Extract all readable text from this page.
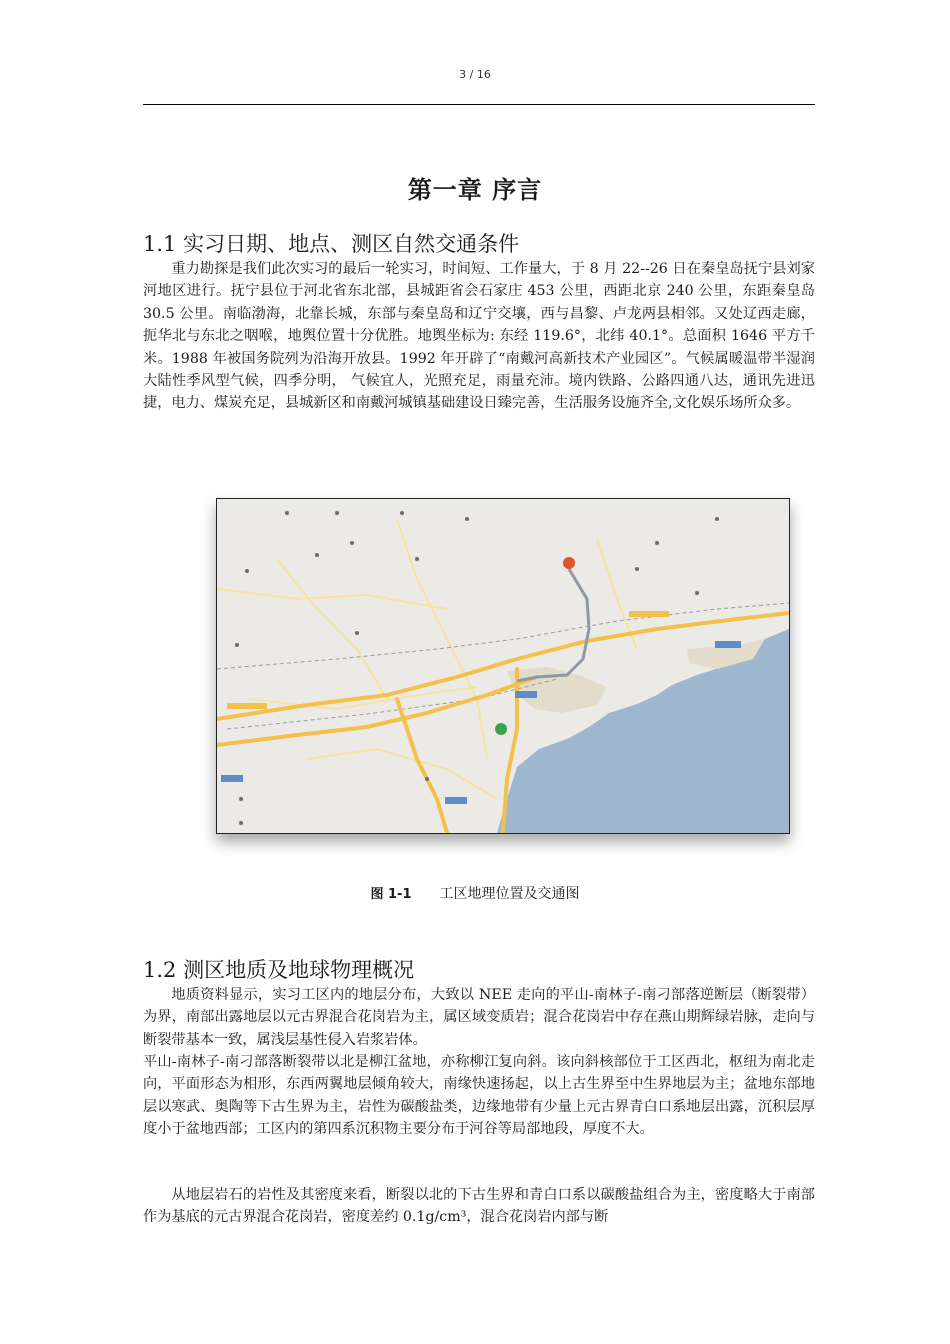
3 / 16
第一章 序言
1.1 实习日期、地点、测区自然交通条件

重力勘探是我们此次实习的最后一轮实习，时间短、工作量大，于 8 月 22--26 日在秦皇岛抚宁县刘家河地区进行。抚宁县位于河北省东北部，县城距省会石家庄 453 公里，西距北京 240 公里，东距秦皇岛 30.5 公里。南临渤海，北靠长城，东部与秦皇岛和辽宁交壤，西与昌黎、卢龙两县相邻。又处辽西走廊，扼华北与东北之咽喉，地舆位置十分优胜。地舆坐标为: 东经 119.6°，北纬 40.1°。总面积 1646 平方千米。1988 年被国务院列为沿海开放县。1992 年开辟了“南戴河高新技术产业园区”。气候属暖温带半湿润大陆性季风型气候，四季分明， 气候宜人，光照充足，雨量充沛。境内铁路、公路四通八达，通讯先进迅捷，电力、煤炭充足，县城新区和南戴河城镇基础建设日臻完善，生活服务设施齐全,文化娱乐场所众多。

图 1-1 工区地理位置及交通图
1.2 测区地质及地球物理概况

地质资料显示，实习工区内的地层分布，大致以 NEE 走向的平山-南林子-南刁部落逆断层（断裂带）为界，南部出露地层以元古界混合花岗岩为主，属区域变质岩；混合花岗岩中存在燕山期辉绿岩脉，走向与断裂带基本一致，属浅层基性侵入岩浆岩体。

平山-南林子-南刁部落断裂带以北是柳江盆地，亦称柳江复向斜。该向斜核部位于工区西北，枢纽为南北走向，平面形态为相形，东西两翼地层倾角较大，南缘快速扬起，以上古生界至中生界地层为主；盆地东部地层以寒武、奥陶等下古生界为主，岩性为碳酸盐类，边缘地带有少量上元古界青白口系地层出露，沉积层厚度小于盆地西部；工区内的第四系沉积物主要分布于河谷等局部地段，厚度不大。

从地层岩石的岩性及其密度来看，断裂以北的下古生界和青白口系以碳酸盐组合为主，密度略大于南部作为基底的元古界混合花岗岩，密度差约 0.1g/cm³，混合花岗岩内部与断
